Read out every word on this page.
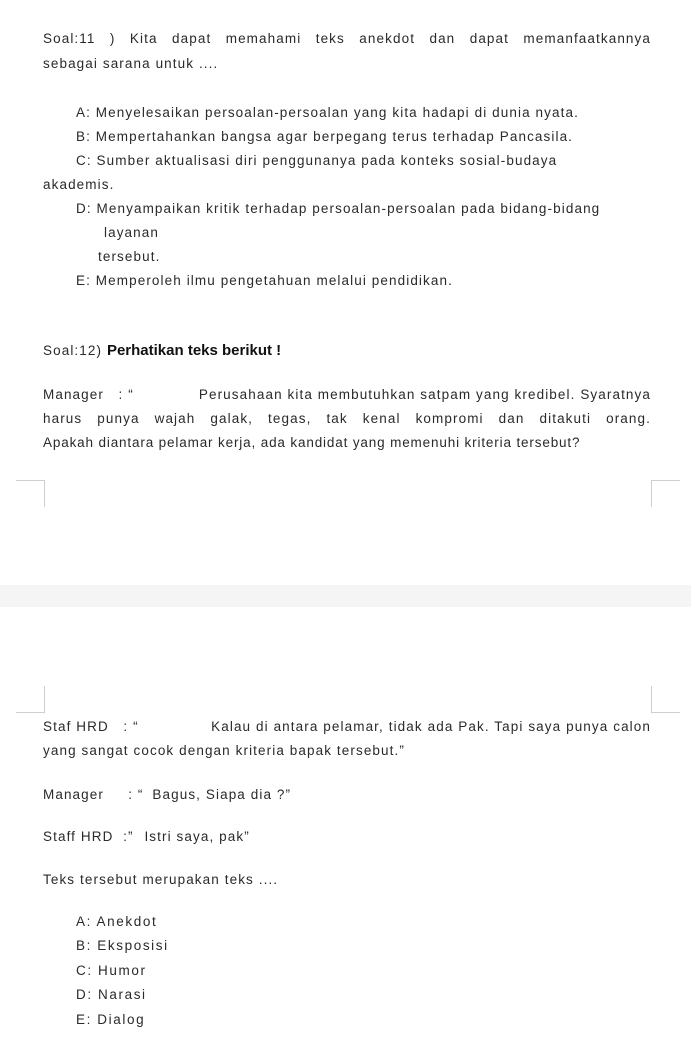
Soal:11 ) Kita dapat memahami teks anekdot dan dapat memanfaatkannya
sebagai sarana untuk ....
A: Menyelesaikan persoalan-persoalan yang kita hadapi di dunia nyata.
B: Mempertahankan bangsa agar berpegang terus terhadap Pancasila.
C: Sumber aktualisasi diri penggunanya pada konteks sosial-budaya
akademis.
D: Menyampaikan kritik terhadap persoalan-persoalan pada bidang-bidang
layanan
tersebut.
E: Memperoleh ilmu pengetahuan melalui pendidikan.
Soal:12) Perhatikan teks berikut !
Manager   : “	Perusahaan kita membutuhkan satpam yang kredibel. Syaratnya
harus punya wajah galak, tegas, tak kenal kompromi dan ditakuti orang.
Apakah diantara pelamar kerja, ada kandidat yang memenuhi kriteria tersebut?
Staf HRD   : “	Kalau di antara pelamar, tidak ada Pak. Tapi saya punya calon
yang sangat cocok dengan kriteria bapak tersebut.”
Manager     : “ Bagus, Siapa dia ?”
Staff HRD  :” Istri saya, pak”
Teks tersebut merupakan teks ....
A: Anekdot
B: Eksposisi
C: Humor
D: Narasi
E: Dialog
